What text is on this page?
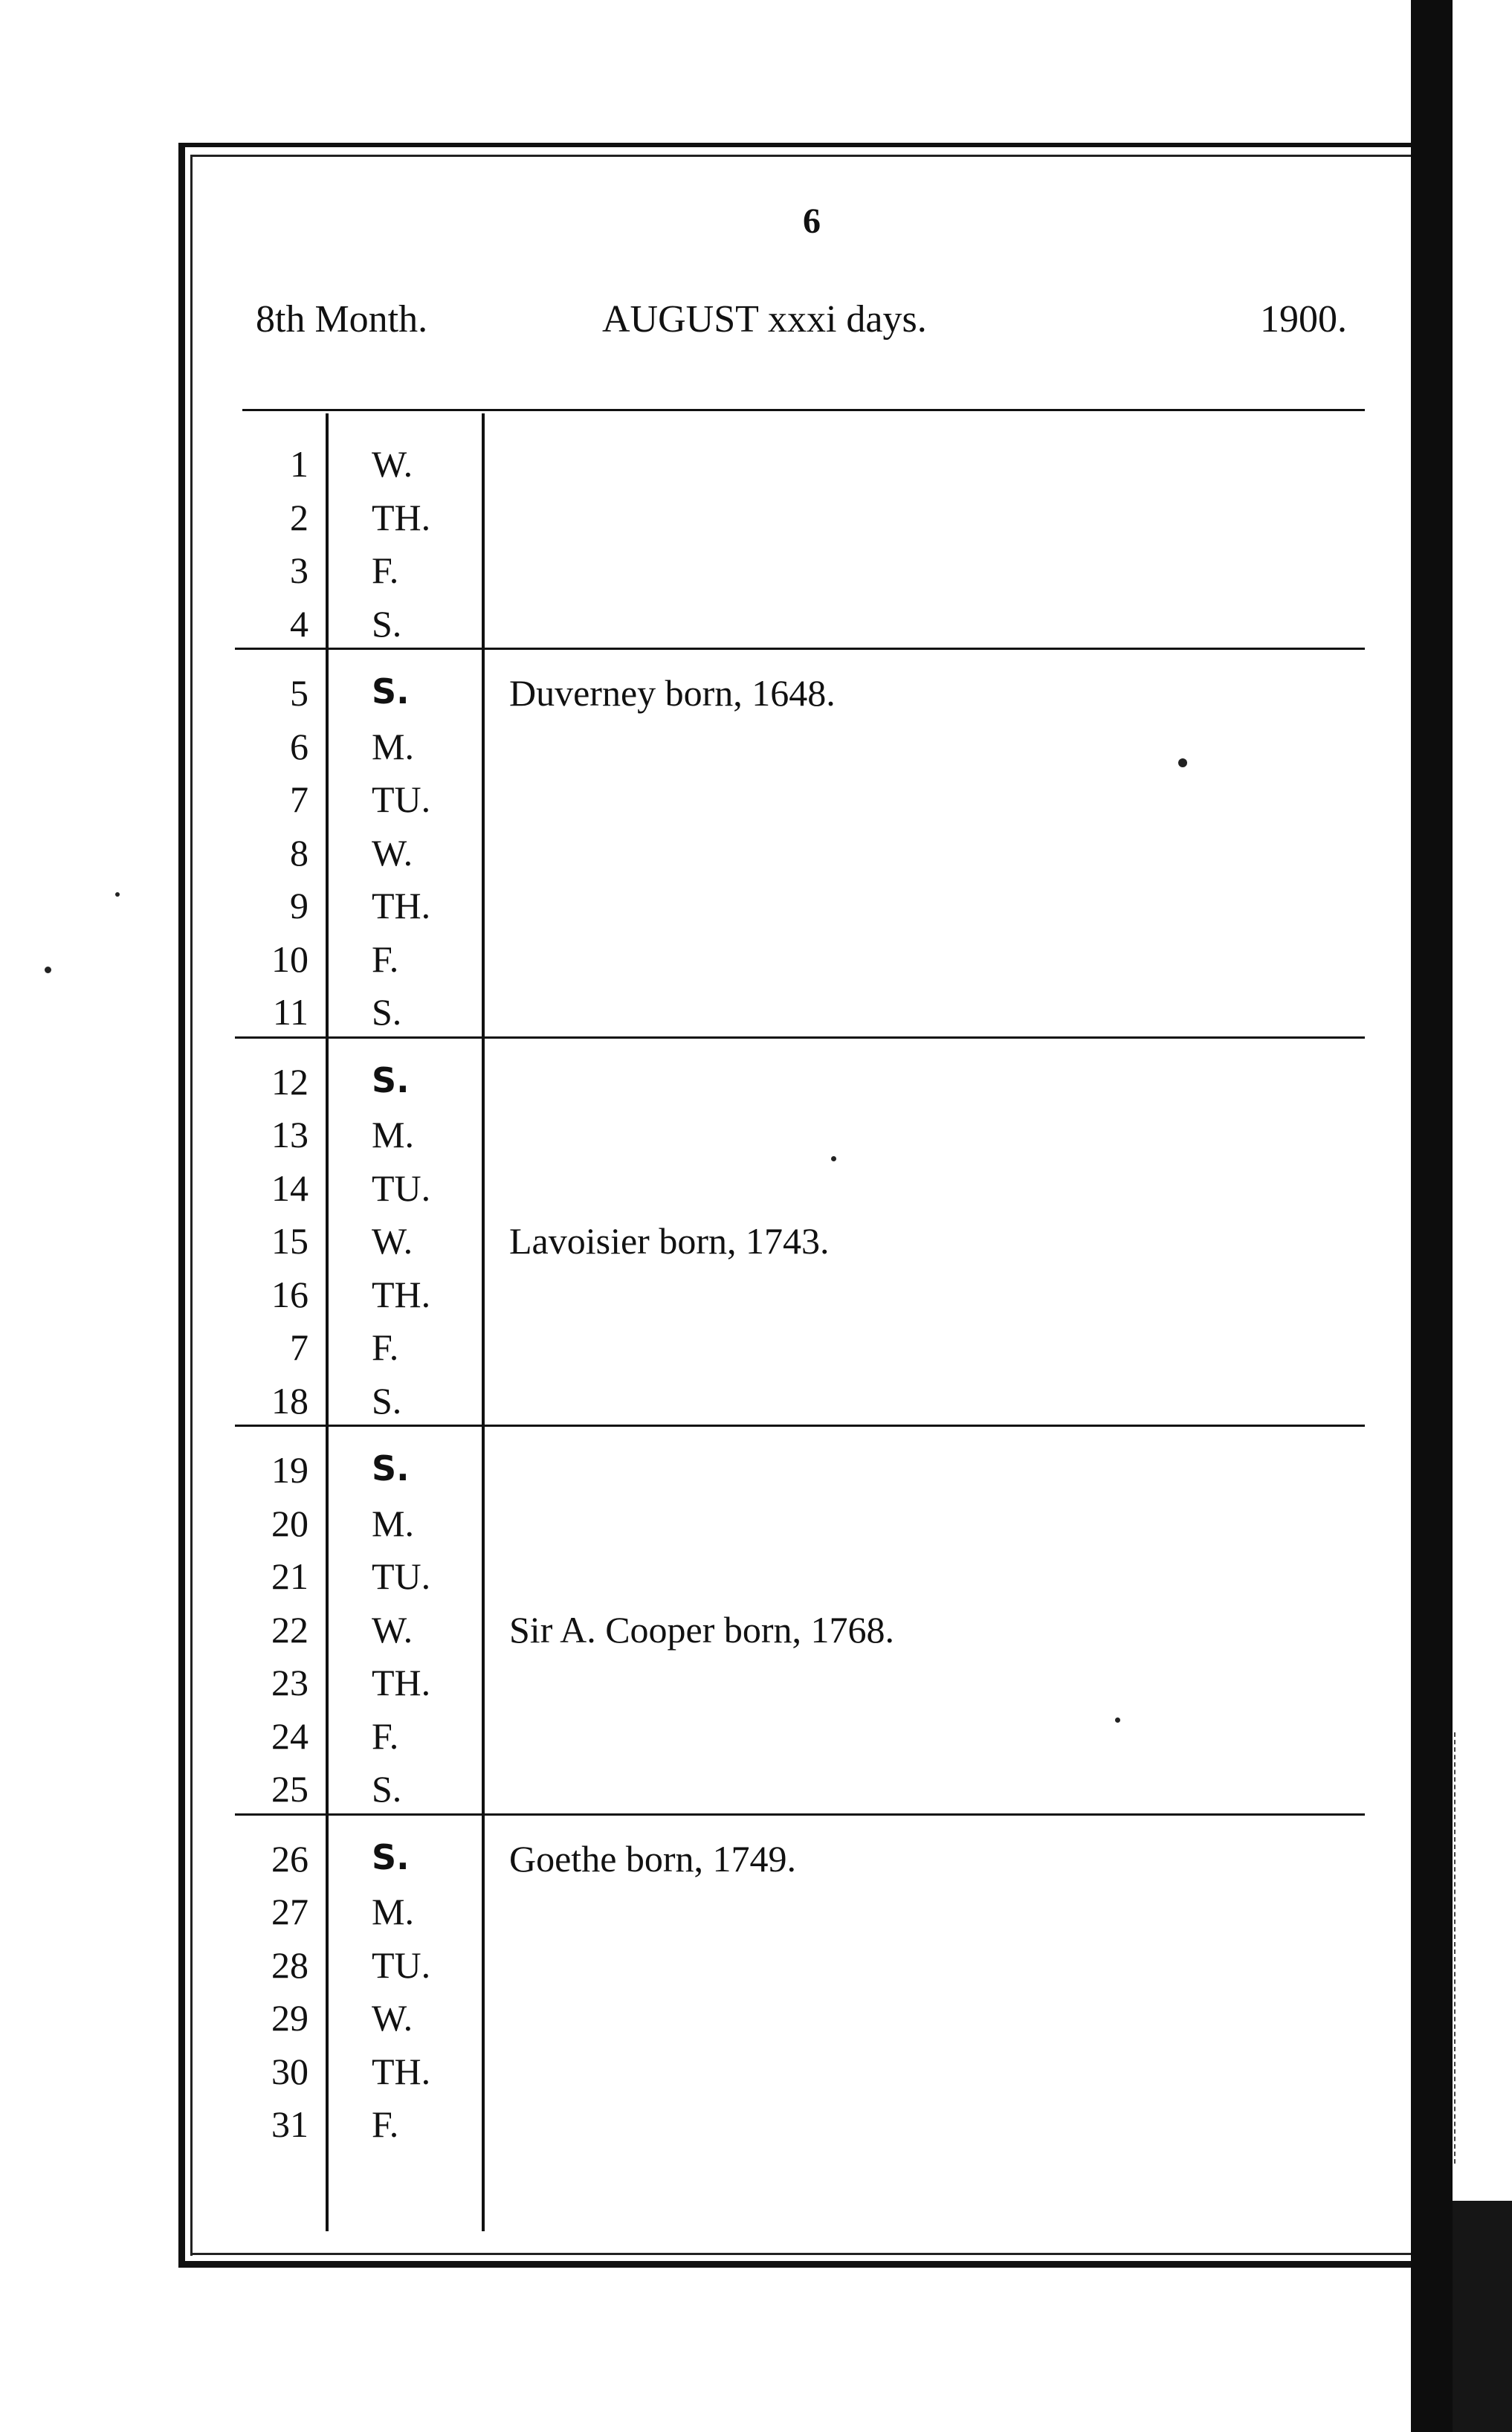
6
8th Month.	AUGUST xxxi days.	1900.
1 W.
2 TH.
3 F.
4 S.
5 S.	Duverney born, 1648.
6 M.
7 TU.
8 W.
9 TH.
10 F.
11 S.
12 S.
13 M.
14 TU.
15 W.	Lavoisier born, 1743.
16 TH.
7 F.
18 S.
19 S.
20 M.
21 TU.
22 W.	Sir A. Cooper born, 1768.
23 TH.
24 F.
25 S.
26 S.	Goethe born, 1749.
27 M.
28 TU.
29 W.
30 TH.
31 F.
